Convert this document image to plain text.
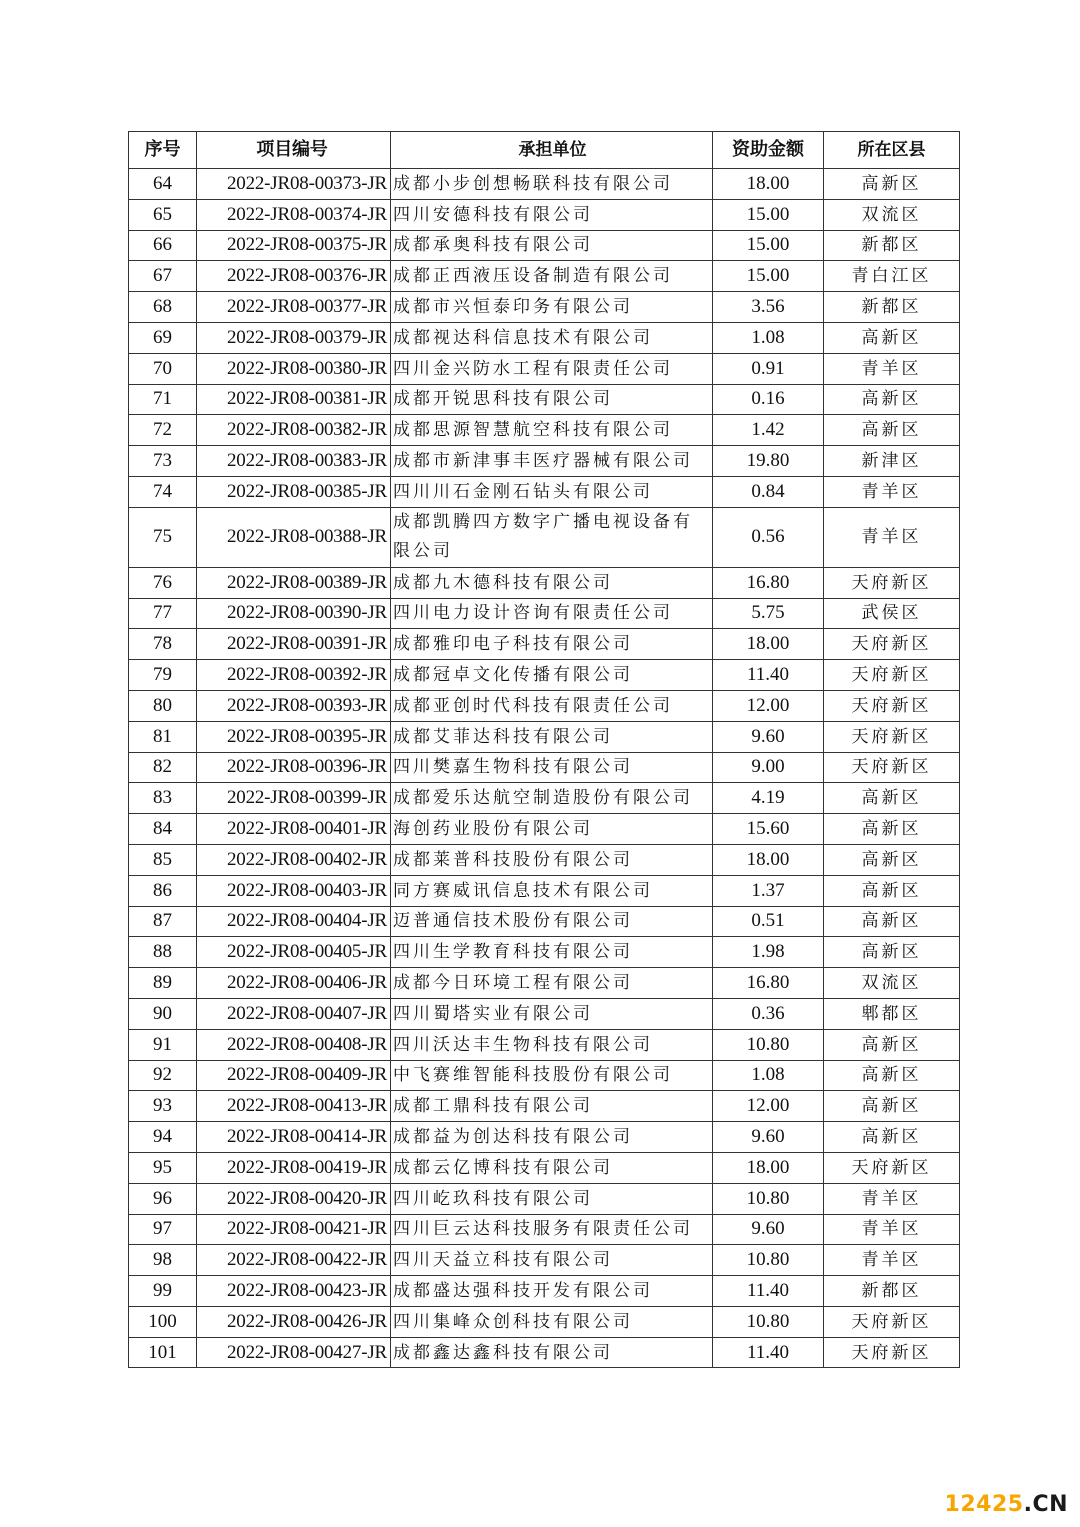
序号	项目编号	承担单位	资助金额	所在区县
64	2022-JR08-00373-JR	成都小步创想畅联科技有限公司	18.00	高新区
65	2022-JR08-00374-JR	四川安德科技有限公司	15.00	双流区
66	2022-JR08-00375-JR	成都承奥科技有限公司	15.00	新都区
67	2022-JR08-00376-JR	成都正西液压设备制造有限公司	15.00	青白江区
68	2022-JR08-00377-JR	成都市兴恒泰印务有限公司	3.56	新都区
69	2022-JR08-00379-JR	成都视达科信息技术有限公司	1.08	高新区
70	2022-JR08-00380-JR	四川金兴防水工程有限责任公司	0.91	青羊区
71	2022-JR08-00381-JR	成都开锐思科技有限公司	0.16	高新区
72	2022-JR08-00382-JR	成都思源智慧航空科技有限公司	1.42	高新区
73	2022-JR08-00383-JR	成都市新津事丰医疗器械有限公司	19.80	新津区
74	2022-JR08-00385-JR	四川川石金刚石钻头有限公司	0.84	青羊区
75	2022-JR08-00388-JR	成都凯腾四方数字广播电视设备有限公司	0.56	青羊区
76	2022-JR08-00389-JR	成都九木德科技有限公司	16.80	天府新区
77	2022-JR08-00390-JR	四川电力设计咨询有限责任公司	5.75	武侯区
78	2022-JR08-00391-JR	成都雅印电子科技有限公司	18.00	天府新区
79	2022-JR08-00392-JR	成都冠卓文化传播有限公司	11.40	天府新区
80	2022-JR08-00393-JR	成都亚创时代科技有限责任公司	12.00	天府新区
81	2022-JR08-00395-JR	成都艾菲达科技有限公司	9.60	天府新区
82	2022-JR08-00396-JR	四川樊嘉生物科技有限公司	9.00	天府新区
83	2022-JR08-00399-JR	成都爱乐达航空制造股份有限公司	4.19	高新区
84	2022-JR08-00401-JR	海创药业股份有限公司	15.60	高新区
85	2022-JR08-00402-JR	成都莱普科技股份有限公司	18.00	高新区
86	2022-JR08-00403-JR	同方赛威讯信息技术有限公司	1.37	高新区
87	2022-JR08-00404-JR	迈普通信技术股份有限公司	0.51	高新区
88	2022-JR08-00405-JR	四川生学教育科技有限公司	1.98	高新区
89	2022-JR08-00406-JR	成都今日环境工程有限公司	16.80	双流区
90	2022-JR08-00407-JR	四川蜀塔实业有限公司	0.36	郫都区
91	2022-JR08-00408-JR	四川沃达丰生物科技有限公司	10.80	高新区
92	2022-JR08-00409-JR	中飞赛维智能科技股份有限公司	1.08	高新区
93	2022-JR08-00413-JR	成都工鼎科技有限公司	12.00	高新区
94	2022-JR08-00414-JR	成都益为创达科技有限公司	9.60	高新区
95	2022-JR08-00419-JR	成都云亿博科技有限公司	18.00	天府新区
96	2022-JR08-00420-JR	四川屹玖科技有限公司	10.80	青羊区
97	2022-JR08-00421-JR	四川巨云达科技服务有限责任公司	9.60	青羊区
98	2022-JR08-00422-JR	四川天益立科技有限公司	10.80	青羊区
99	2022-JR08-00423-JR	成都盛达强科技开发有限公司	11.40	新都区
100	2022-JR08-00426-JR	四川集峰众创科技有限公司	10.80	天府新区
101	2022-JR08-00427-JR	成都鑫达鑫科技有限公司	11.40	天府新区
12425.CN
